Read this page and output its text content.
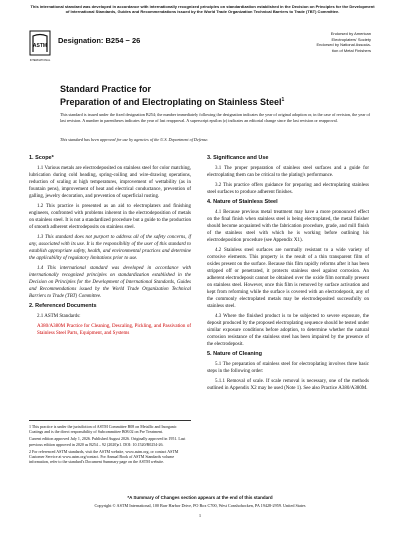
This international standard was developed in accordance with internationally recognized principles on standardization established in the Decision on Principles for the Development of International Standards, Guides and Recommendations issued by the World Trade Organization Technical Barriers to Trade (TBT) Committee.
ASTM
INTERNATIONAL
Designation: B254 − 26
Endorsed by American
Electroplaters' Society
Endorsed by National Associa-
tion of Metal Finishers
Standard Practice for
Preparation of and Electroplating on Stainless Steel$^1$
This standard is issued under the fixed designation B254; the number immediately following the designation indicates the year of original adoption or, in the case of revision, the year of last revision. A number in parentheses indicates the year of last reapproval. A superscript epsilon (ε) indicates an editorial change since the last revision or reapproval.
This standard has been approved for use by agencies of the U.S. Department of Defense.
1. Scope*

1.1 Various metals are electrodeposited on stainless steel for color matching, lubrication during cold heading, spring-coiling and wire-drawing operations, reduction of scaling at high temperatures, improvement of wettability (as in fountain pens), improvement of heat and electrical conductance, prevention of galling, jewelry decoration, and prevention of superficial rusting.

1.2 This practice is presented as an aid to electroplaters and finishing engineers, confronted with problems inherent in the electrodeposition of metals on stainless steel. It is not a standardized procedure but a guide to the production of smooth adherent electrodeposits on stainless steel.

1.3 This standard does not purport to address all of the safety concerns, if any, associated with its use. It is the responsibility of the user of this standard to establish appropriate safety, health, and environmental practices and determine the applicability of regulatory limitations prior to use.

1.4 This international standard was developed in accordance with internationally recognized principles on standardization established in the Decision on Principles for the Development of International Standards, Guides and Recommendations issued by the World Trade Organization Technical Barriers to Trade (TBT) Committee.

2. Referenced Documents

2.1 ASTM Standards:

A380/A380M Practice for Cleaning, Descaling, Pickling, and Passivation of Stainless Steel Parts, Equipment, and Systems

1 This practice is under the jurisdiction of ASTM Committee B08 on Metallic and Inorganic Coatings and is the direct responsibility of Subcommittee B08.02 on Pre Treatment.

Current edition approved July 1, 2026. Published August 2026. Originally approved in 1951. Last previous edition approved in 2020 as B254 – 92 (2020)ε1. DOI: 10.1520/B0254-26.

2 For referenced ASTM standards, visit the ASTM website, www.astm.org, or contact ASTM Customer Service at www.astm.org/contact. For Annual Book of ASTM Standards volume information, refer to the standard's Document Summary page on the ASTM website.

3. Significance and Use

3.1 The proper preparation of stainless steel surfaces and a guide for electroplating them can be critical to the plating's performance.

3.2 This practice offers guidance for preparing and electroplating stainless steel surfaces to produce adherent finishes.

4. Nature of Stainless Steel

4.1 Because previous metal treatment may have a more pronounced effect on the final finish when stainless steel is being electroplated, the metal finisher should become acquainted with the fabrication procedure, grade, and mill finish of the stainless steel with which he is working before outlining his electrodeposition procedure (see Appendix X1).

4.2 Stainless steel surfaces are normally resistant to a wide variety of corrosive elements. This property is the result of a thin transparent film of oxides present on the surface. Because this film rapidly reforms after it has been stripped off or penetrated, it protects stainless steel against corrosion. An adherent electrodeposit cannot be obtained over the oxide film normally present on stainless steel. However, once this film is removed by surface activation and kept from reforming while the surface is covered with an electrodeposit, any of the commonly electroplated metals may be electrodeposited successfully on stainless steel.

4.3 Where the finished product is to be subjected to severe exposure, the deposit produced by the proposed electroplating sequence should be tested under similar exposure conditions before adoption, to determine whether the natural corrosion resistance of the stainless steel has been impaired by the presence of the electrodeposit.

5. Nature of Cleaning

5.1 The preparation of stainless steel for electroplating involves three basic steps in the following order:

5.1.1 Removal of scale. If scale removal is necessary, one of the methods outlined in Appendix X2 may be used (Note 1). See also Practice A380/A380M.

*A Summary of Changes section appears at the end of this standard
Copyright © ASTM International, 100 Barr Harbor Drive, PO Box C700, West Conshohocken, PA 19428-2959. United States
1
